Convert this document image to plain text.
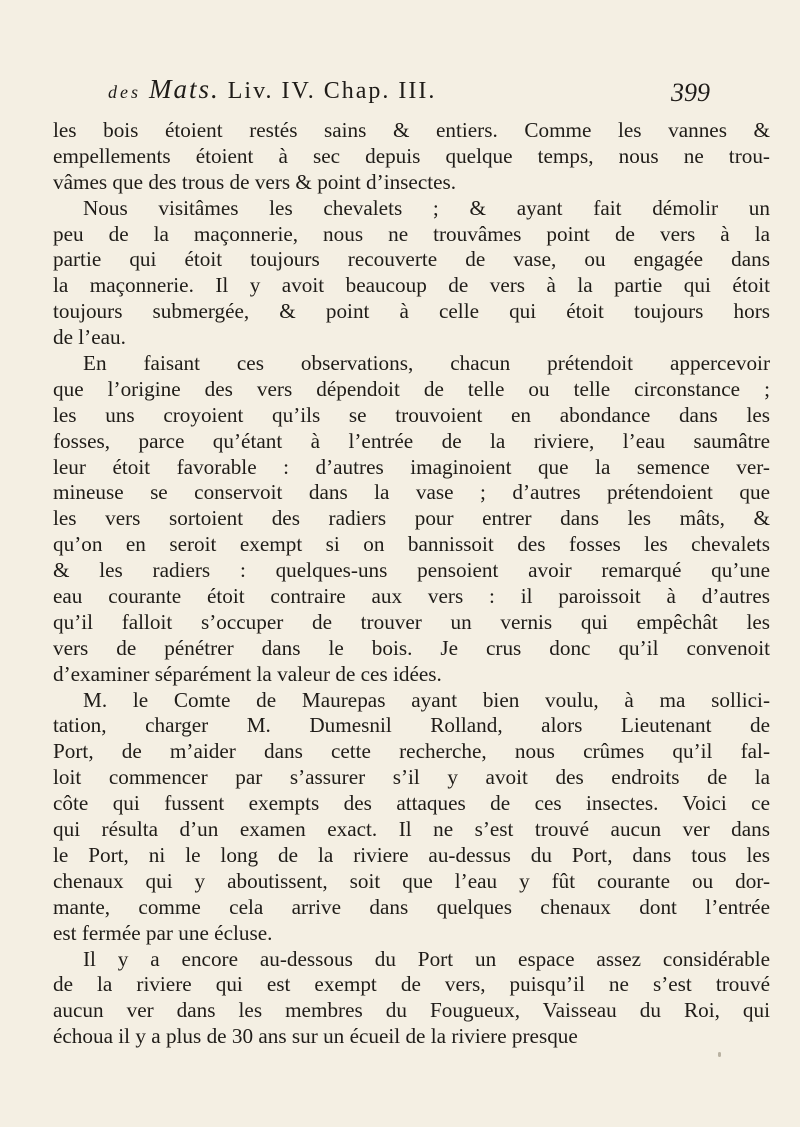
des Mats. Liv. IV. Chap. III.	399
les bois étoient restés sains & entiers. Comme les vannes &
empellements étoient à sec depuis quelque temps, nous ne trou-
vâmes que des trous de vers & point d’insectes.
Nous visitâmes les chevalets ; & ayant fait démolir un
peu de la maçonnerie, nous ne trouvâmes point de vers à la
partie qui étoit toujours recouverte de vase, ou engagée dans
la maçonnerie. Il y avoit beaucoup de vers à la partie qui étoit
toujours submergée, & point à celle qui étoit toujours hors
de l’eau.
En faisant ces observations, chacun prétendoit appercevoir
que l’origine des vers dépendoit de telle ou telle circonstance ;
les uns croyoient qu’ils se trouvoient en abondance dans les
fosses, parce qu’étant à l’entrée de la riviere, l’eau saumâtre
leur étoit favorable : d’autres imaginoient que la semence ver-
mineuse se conservoit dans la vase ; d’autres prétendoient que
les vers sortoient des radiers pour entrer dans les mâts, &
qu’on en seroit exempt si on bannissoit des fosses les chevalets
& les radiers : quelques-uns pensoient avoir remarqué qu’une
eau courante étoit contraire aux vers : il paroissoit à d’autres
qu’il falloit s’occuper de trouver un vernis qui empêchât les
vers de pénétrer dans le bois. Je crus donc qu’il convenoit
d’examiner séparément la valeur de ces idées.
M. le Comte de Maurepas ayant bien voulu, à ma sollici-
tation, charger M. Dumesnil Rolland, alors Lieutenant de
Port, de m’aider dans cette recherche, nous crûmes qu’il fal-
loit commencer par s’assurer s’il y avoit des endroits de la
côte qui fussent exempts des attaques de ces insectes. Voici ce
qui résulta d’un examen exact. Il ne s’est trouvé aucun ver dans
le Port, ni le long de la riviere au-dessus du Port, dans tous les
chenaux qui y aboutissent, soit que l’eau y fût courante ou dor-
mante, comme cela arrive dans quelques chenaux dont l’entrée
est fermée par une écluse.
Il y a encore au-dessous du Port un espace assez considérable
de la riviere qui est exempt de vers, puisqu’il ne s’est trouvé
aucun ver dans les membres du Fougueux, Vaisseau du Roi, qui
échoua il y a plus de 30 ans sur un écueil de la riviere presque
